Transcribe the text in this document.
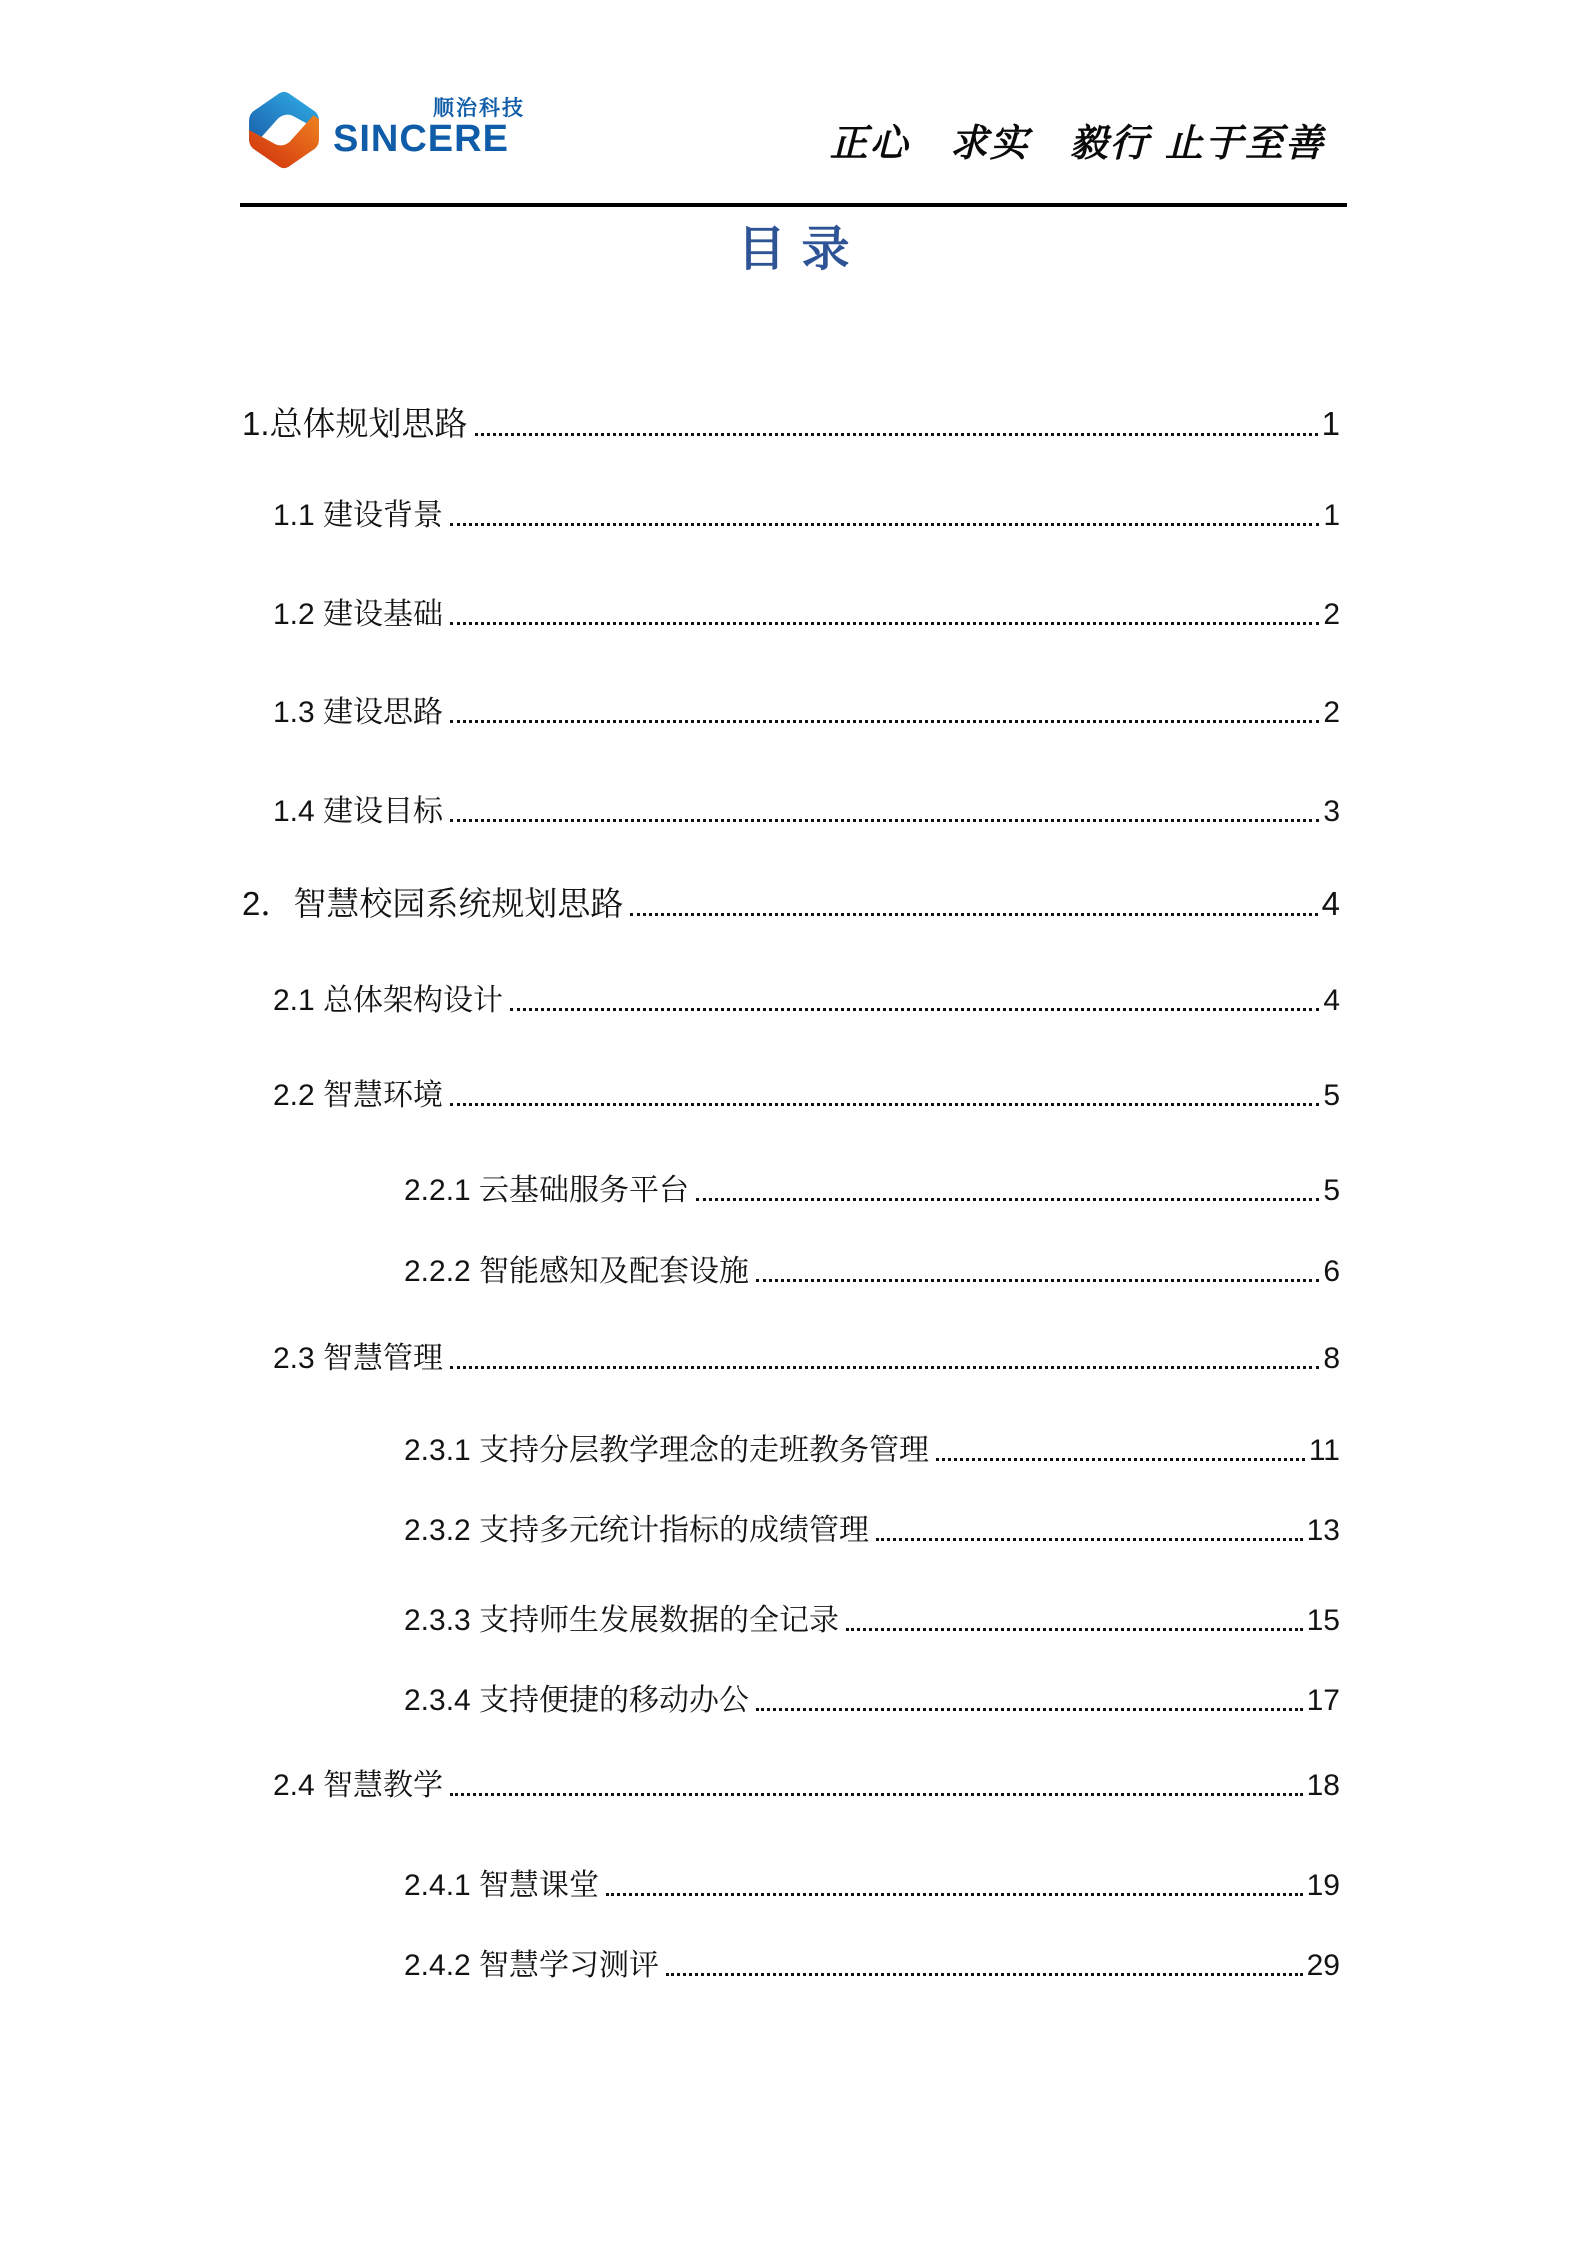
顺治科技
SINCERE	正心　求实　毅行 止于至善
目录
1.总体规划思路	1
1.1 建设背景	1
1.2 建设基础	2
1.3 建设思路	2
1.4 建设目标	3
2．智慧校园系统规划思路	4
2.1 总体架构设计	4
2.2 智慧环境	5
2.2.1 云基础服务平台	5
2.2.2 智能感知及配套设施	6
2.3 智慧管理	8
2.3.1 支持分层教学理念的走班教务管理	11
2.3.2 支持多元统计指标的成绩管理	13
2.3.3 支持师生发展数据的全记录	15
2.3.4 支持便捷的移动办公	17
2.4 智慧教学	18
2.4.1 智慧课堂	19
2.4.2 智慧学习测评	29
